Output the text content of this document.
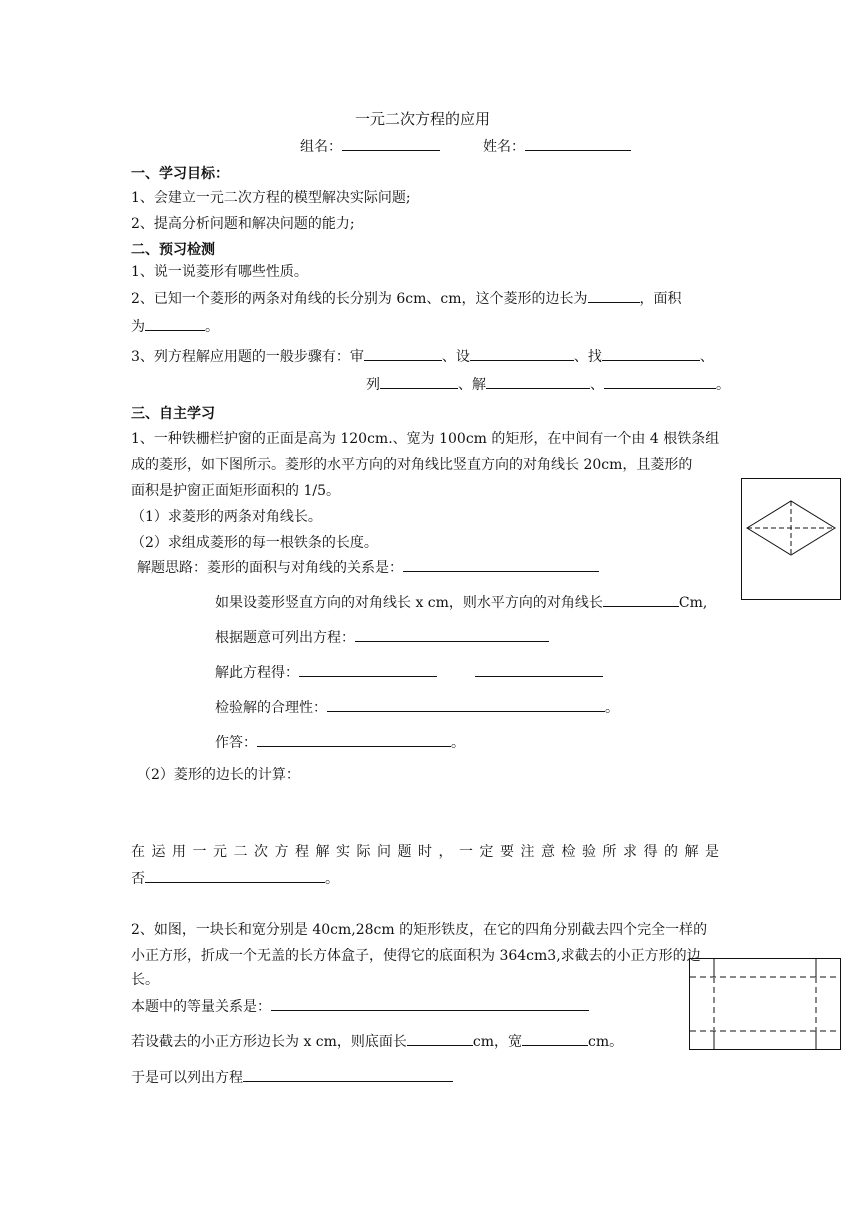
一元二次方程的应用
组名：	姓名：
一、学习目标：
1、会建立一元二次方程的模型解决实际问题;
2、提高分析问题和解决问题的能力;
二、预习检测
1、说一说菱形有哪些性质。
2、已知一个菱形的两条对角线的长分别为 6cm、cm，这个菱形的边长为	，面积
为	。
3、列方程解应用题的一般步骤有：审	、设	、找	、
列	、解	、	。
三、自主学习
1、一种铁栅栏护窗的正面是高为 120cm.、宽为 100cm 的矩形，在中间有一个由 4 根铁条组
成的菱形，如下图所示。菱形的水平方向的对角线比竖直方向的对角线长 20cm，且菱形的
面积是护窗正面矩形面积的 1/5。
（1）求菱形的两条对角线长。
（2）求组成菱形的每一根铁条的长度。
解题思路：菱形的面积与对角线的关系是：
如果设菱形竖直方向的对角线长 x cm，则水平方向的对角线长	Cm,
根据题意可列出方程：
解此方程得：
检验解的合理性：	。
作答：	。
（2）菱形的边长的计算：
在运用一元二次方程解实际问题时，一定要注意检验所求得的解是
否	。
2、如图，一块长和宽分别是 40cm,28cm 的矩形铁皮，在它的四角分别截去四个完全一样的
小正方形，折成一个无盖的长方体盒子，使得它的底面积为 364cm3,求截去的小正方形的边
长。
本题中的等量关系是：
若设截去的小正方形边长为 x cm，则底面长	cm，宽	cm。
于是可以列出方程
